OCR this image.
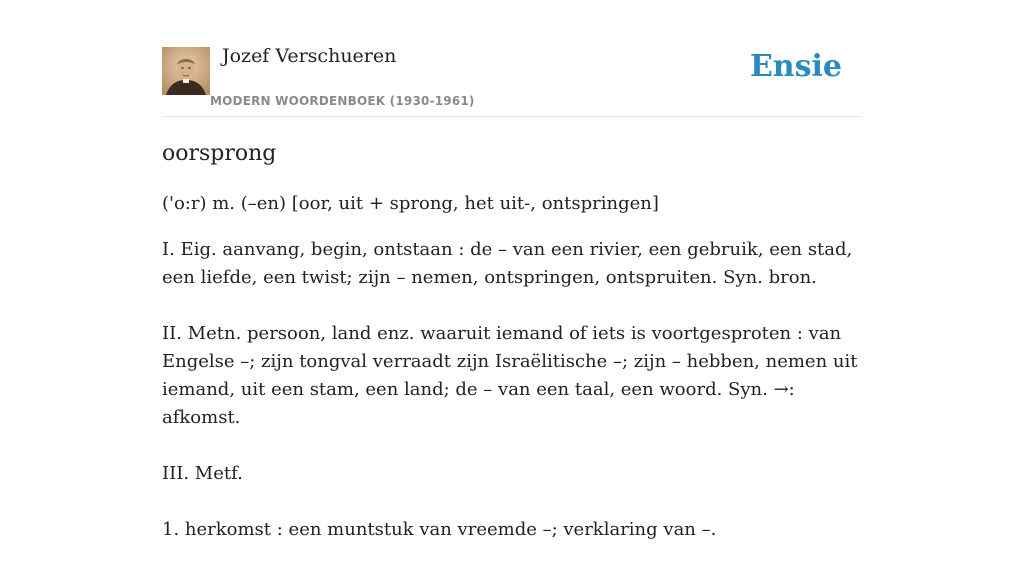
Jozef Verschueren
MODERN WOORDENBOEK (1930-1961)
Ensie
oorsprong

('o:r) m. (–en) [oor, uit + sprong, het uit-, ontspringen]

I. Eig. aanvang, begin, ontstaan : de – van een rivier, een gebruik, een stad, een liefde, een twist; zijn – nemen, ontspringen, ontspruiten. Syn. bron.

II. Metn. persoon, land enz. waaruit iemand of iets is voortgesproten : van Engelse –; zijn tongval verraadt zijn Israëlitische –; zijn – hebben, nemen uit iemand, uit een stam, een land; de – van een taal, een woord. Syn. →: afkomst.

III. Metf.

1. herkomst : een muntstuk van vreemde –; verklaring van –.
